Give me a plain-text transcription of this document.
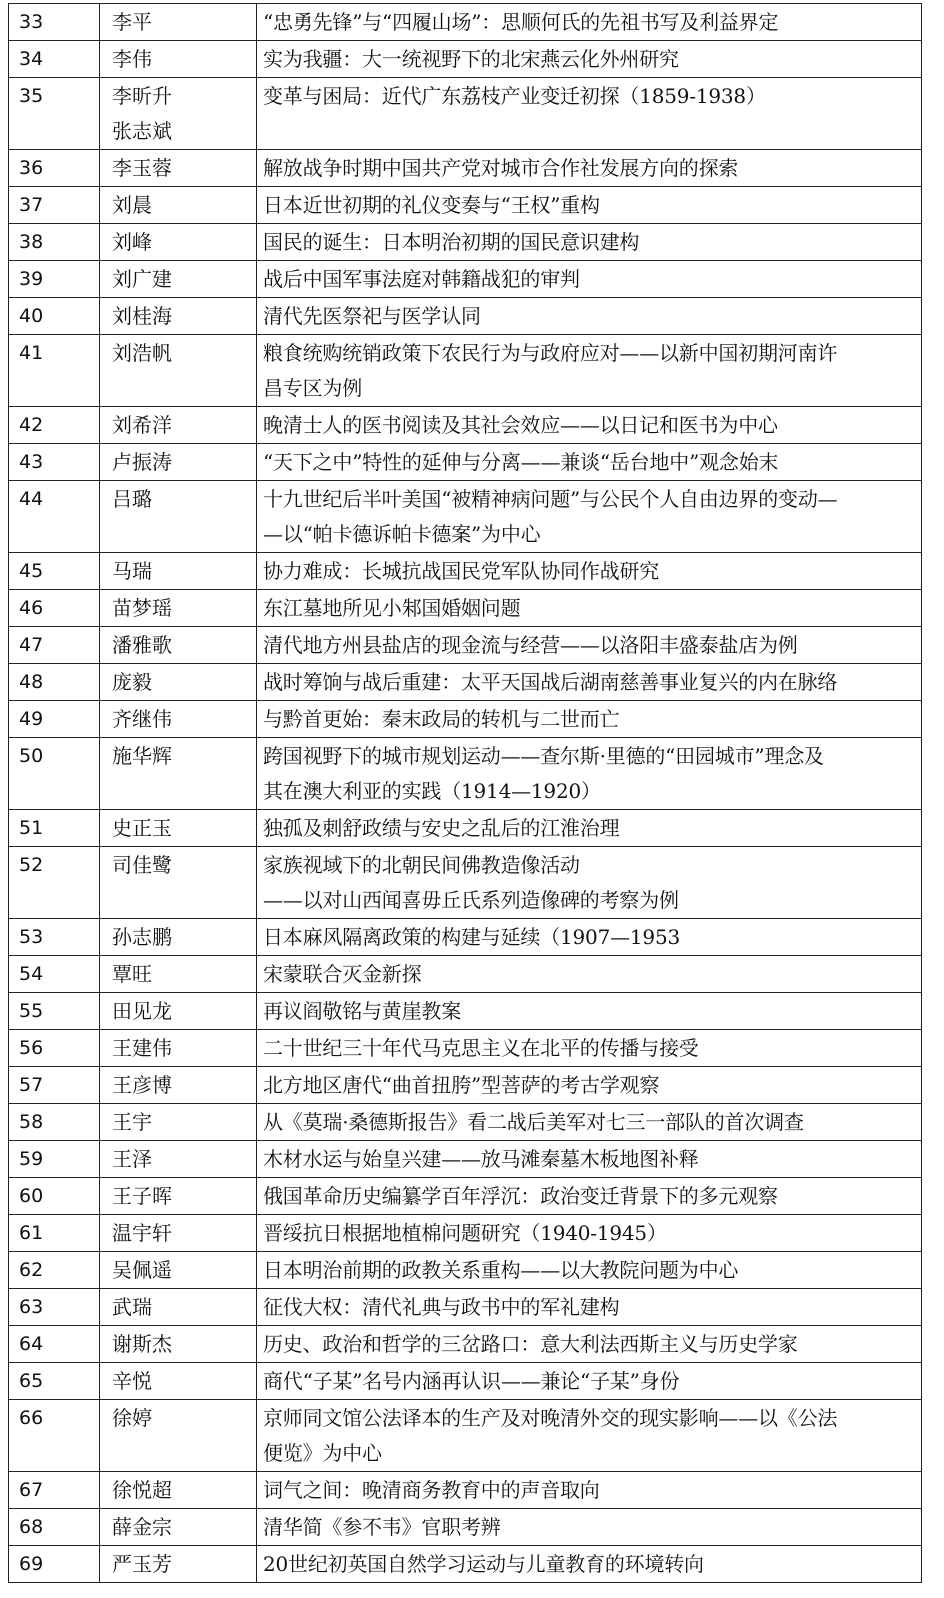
33	李平	“忠勇先锋”与“四履山场”：思顺何氏的先祖书写及利益界定

34	李伟	实为我疆：大一统视野下的北宋燕云化外州研究

35	李昕升
张志斌	变革与困局：近代广东荔枝产业变迁初探（1859-1938）

36	李玉蓉	解放战争时期中国共产党对城市合作社发展方向的探索

37	刘晨	日本近世初期的礼仪变奏与“王权”重构

38	刘峰	国民的诞生：日本明治初期的国民意识建构

39	刘广建	战后中国军事法庭对韩籍战犯的审判

40	刘桂海	清代先医祭祀与医学认同

41	刘浩帆	粮食统购统销政策下农民行为与政府应对——以新中国初期河南许
昌专区为例

42	刘希洋	晚清士人的医书阅读及其社会效应——以日记和医书为中心

43	卢振涛	“天下之中”特性的延伸与分离——兼谈“岳台地中”观念始末

44	吕璐	十九世纪后半叶美国“被精神病问题”与公民个人自由边界的变动—
—以“帕卡德诉帕卡德案”为中心

45	马瑞	协力难成：长城抗战国民党军队协同作战研究

46	苗梦瑶	东江墓地所见小邾国婚姻问题

47	潘雅歌	清代地方州县盐店的现金流与经营——以洛阳丰盛泰盐店为例

48	庞毅	战时筹饷与战后重建：太平天国战后湖南慈善事业复兴的内在脉络

49	齐继伟	与黔首更始：秦末政局的转机与二世而亡

50	施华辉	跨国视野下的城市规划运动——查尔斯·里德的“田园城市”理念及
其在澳大利亚的实践（1914—1920）

51	史正玉	独孤及刺舒政绩与安史之乱后的江淮治理

52	司佳鹭	家族视域下的北朝民间佛教造像活动
——以对山西闻喜毋丘氏系列造像碑的考察为例

53	孙志鹏	日本麻风隔离政策的构建与延续（1907—1953

54	覃旺	宋蒙联合灭金新探

55	田见龙	再议阎敬铭与黄崖教案

56	王建伟	二十世纪三十年代马克思主义在北平的传播与接受

57	王彦博	北方地区唐代“曲首扭胯”型菩萨的考古学观察

58	王宇	从《莫瑞·桑德斯报告》看二战后美军对七三一部队的首次调查

59	王泽	木材水运与始皇兴建——放马滩秦墓木板地图补释

60	王子晖	俄国革命历史编纂学百年浮沉：政治变迁背景下的多元观察

61	温宇轩	晋绥抗日根据地植棉问题研究（1940-1945）

62	吴佩遥	日本明治前期的政教关系重构——以大教院问题为中心

63	武瑞	征伐大权：清代礼典与政书中的军礼建构

64	谢斯杰	历史、政治和哲学的三岔路口：意大利法西斯主义与历史学家

65	辛悦	商代“子某”名号内涵再认识——兼论“子某”身份

66	徐婷	京师同文馆公法译本的生产及对晚清外交的现实影响——以《公法
便览》为中心

67	徐悦超	词气之间：晚清商务教育中的声音取向

68	薛金宗	清华简《参不韦》官职考辨

69	严玉芳	20世纪初英国自然学习运动与儿童教育的环境转向
